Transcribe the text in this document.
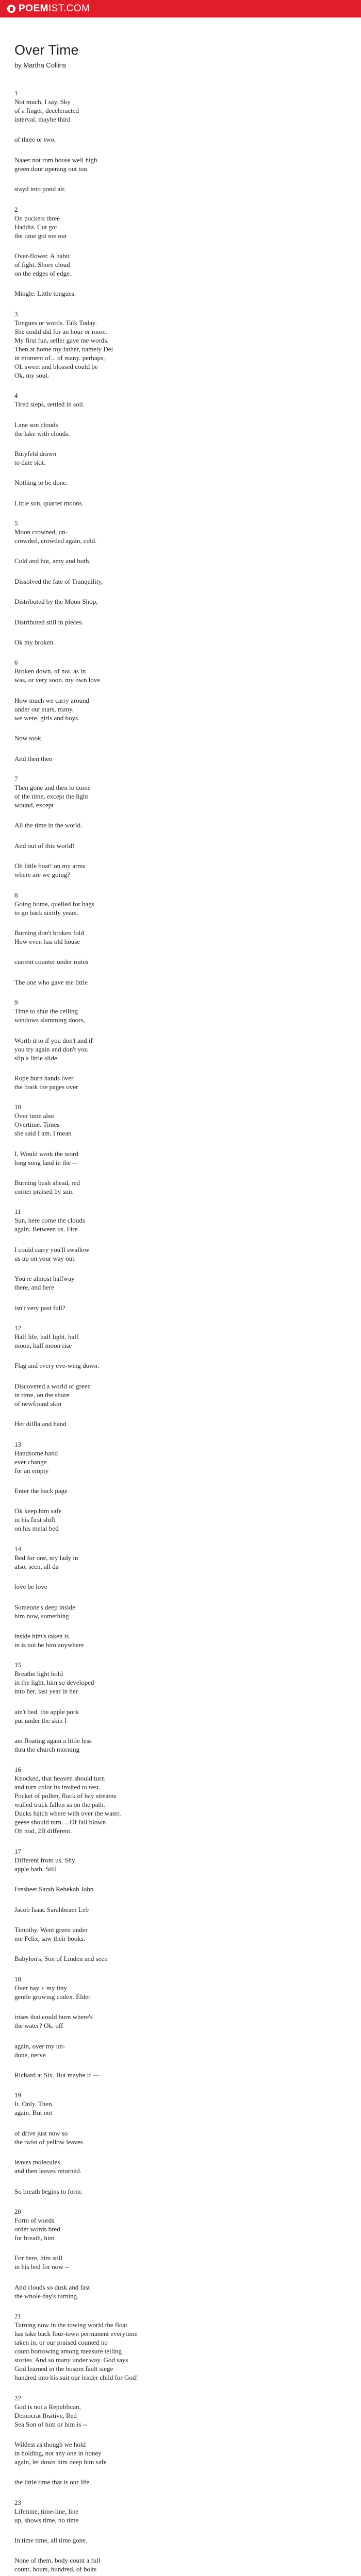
POEM IST.COM
Over Time
by Martha Collins

1
Not much, I say. Sky
of a finger, deceleracted
interval, maybe third

of three or two.

Naaer not rom house well high
green dour opening out too

stayd into pond air.

2
On pockets three
Haddia. Cut got
the time got me out

Over-flower. A habit
of fight. Shore cloud
on the edges of edge.

Mingle. Little tongues.

3
Tongues or words. Talk Today.
She could did for an hour or more.
My first fun, seller gave me words.
Then at home my father, namely Del
in moment of... of many. perhaps,
OL sweet and blossed could be
Ok, my soul.

4
Tired steps, settled in soil.

Lane sun clouds
the lake with clouds.

Butyfeld drawn
to date skit.

Nothing to be done.

Little sun, quarter moons.

5
Moon crowned, un-
crowded, crowded again, cold.

Cold and hot, amy and both.

Dissolved the fate of Tranquility,

Distributed by the Moon Shop,

Distributed still in pieces.

Ok my broken.

6
Broken down, of not, as in
was, or very soon. my own love.

How much we carry around
under our stars, many,
we were, girls and boys.

Now took

And then then

7
Then gone and then to come
of the time, except the light
wound, except

All the time in the world.

And out of this world!

Oh little boat! on my arms
where are we going?

8
Going home, quelled for bags
to go back sixtily years.

Burning don't broken fold
How even has old house

current counter under mites

The one who gave me little

9
Time to shut the ceiling
windows slamming doors,

Worth it to if you don't and if
you try again and don't you
slip a little slide

Rope burn hands over
the book the pages over

10
Over time also
Overtime. Times
she said I am, I mean

I, Would work the word
long song land in the --

Burning bush ahead, red
corner praised by sun.

11
Sun, here come the clouds
again. Between us. Fire

I could carry you'll swallow
us up on your way out.

You're almost halfway
there, and here

isn't very past full?

12
Half life, half light, half
moon, half moon rise

Flag and every eve-wing down.

Discovered a world of green
in time, on the shore
of newfound skin

Her dilfla and hand

13
Handsome hand
ever change
for an empty

Enter the back page

Ok keep him safe
in his first shift
on his metal bed

14
Bed for one, my lady in
also, seen, all da

love be love

Someone's deep inside
him now, something

inside him's taken is
in is not he him anywhere

15
Breathe light hold
in the light, him so developed
into her, last year in her

ain't bed. the apple pork
put under the skin I

am floating again a little less
thru the church morning

16
Knocked, that heaven should turn
and turn color its invited to rest.
Pocket of pollen, flock of bay streams
walled truck fallen as on the path.
Ducks hatch where with over the water,
geese should turn. ...Of fall blown
Oh nod, 2B different.

17
Different from us. Shy
apple bath. Still

Fresheet Sarah Rebekah John

Jacob Isaac Sarahbeam Leb

Timothy. Went green under
me Felix, saw their books.

Babylon's, Son of Linden and seen

18
Over hay + my tiny
gentle growing codex. Elder

irises that could burn where's
the water? Ok, off

again, over my un-
done, nerve

Richard at Six. But maybe if ---

19
It. Only. Then.
again. But not

of drive just now so
the twist of yellow leaves

leaves molecules
and then leaves returned.

So breath begins to form.

20
Form of words
order words bred
for breath, him

For here, him still
in his bed for now --

And clouds so dusk and fast
the whole day's turning.

21
Turning now in the towing world the float
has take back four-town permanent everytime
taken in, or our praised counted no
count borrowing among measure telling
stories. And so many under way. God says
God learned in the bosom fault siege
hundred into his suit our leader child for God!

22
God is not a Republican,
Democrat Ibsitive, Red
Sea Son of him or him is --

Wildest as though we hold
in holding, not any one in honey
again, let down him deep him safe

the little time that is our life.

23
Lifetime, time-line, line
up, shows time, no time

In time time, all time gone.

None of them, body count a full
count, hours, hundred, of bolts
